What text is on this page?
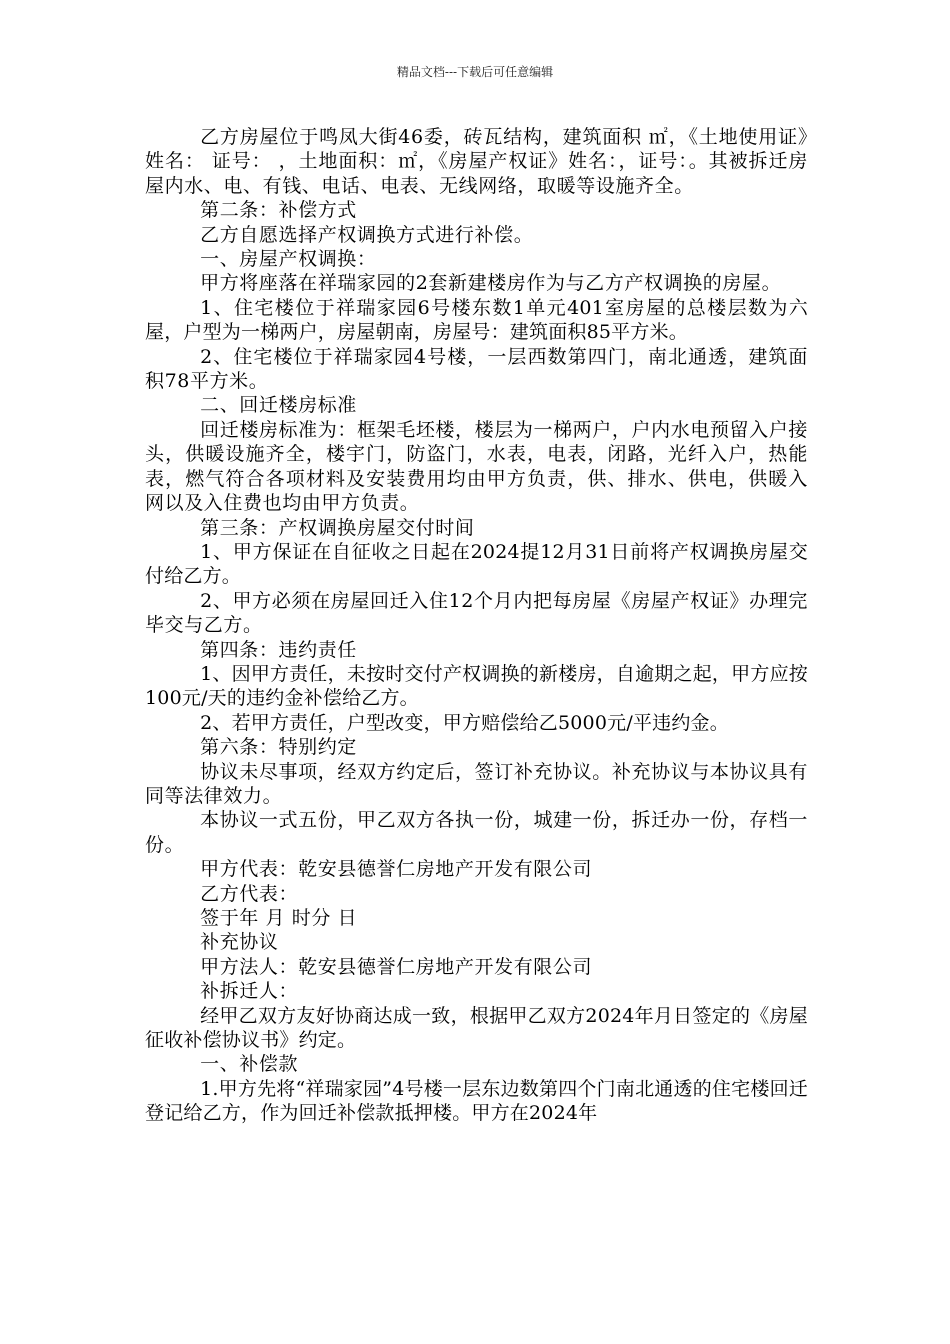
精品文档---下载后可任意编辑

乙方房屋位于鸣凤大街46委，砖瓦结构，建筑面积 ㎡，《土地使用证》姓名： 证号： ，土地面积：㎡，《房屋产权证》姓名：，证号：。其被拆迁房屋内水、电、有钱、电话、电表、无线网络，取暖等设施齐全。

第二条：补偿方式

乙方自愿选择产权调换方式进行补偿。

一、房屋产权调换：

甲方将座落在祥瑞家园的2套新建楼房作为与乙方产权调换的房屋。

1、住宅楼位于祥瑞家园6号楼东数1单元401室房屋的总楼层数为六屋，户型为一梯两户，房屋朝南，房屋号：建筑面积85平方米。

2、住宅楼位于祥瑞家园4号楼，一层西数第四门，南北通透，建筑面积78平方米。

二、回迁楼房标准

回迁楼房标准为：框架毛坯楼，楼层为一梯两户，户内水电预留入户接头，供暖设施齐全，楼宇门，防盗门，水表，电表，闭路，光纤入户，热能表，燃气符合各项材料及安装费用均由甲方负责，供、排水、供电，供暖入网以及入住费也均由甲方负责。

第三条：产权调换房屋交付时间

1、甲方保证在自征收之日起在2024提12月31日前将产权调换房屋交付给乙方。

2、甲方必须在房屋回迁入住12个月内把每房屋《房屋产权证》办理完毕交与乙方。

第四条：违约责任

1、因甲方责任，未按时交付产权调换的新楼房，自逾期之起，甲方应按100元/天的违约金补偿给乙方。

2、若甲方责任，户型改变，甲方赔偿给乙5000元/平违约金。

第六条：特别约定

协议未尽事项，经双方约定后，签订补充协议。补充协议与本协议具有同等法律效力。

本协议一式五份，甲乙双方各执一份，城建一份，拆迁办一份，存档一份。

甲方代表：乾安县德誉仁房地产开发有限公司

乙方代表：

签于年 月 时分 日

补充协议

甲方法人：乾安县德誉仁房地产开发有限公司

补拆迁人：

经甲乙双方友好协商达成一致，根据甲乙双方2024年月日签定的《房屋征收补偿协议书》约定。

一、补偿款

1.甲方先将“祥瑞家园”4号楼一层东边数第四个门南北通透的住宅楼回迁登记给乙方，作为回迁补偿款抵押楼。甲方在2024年
